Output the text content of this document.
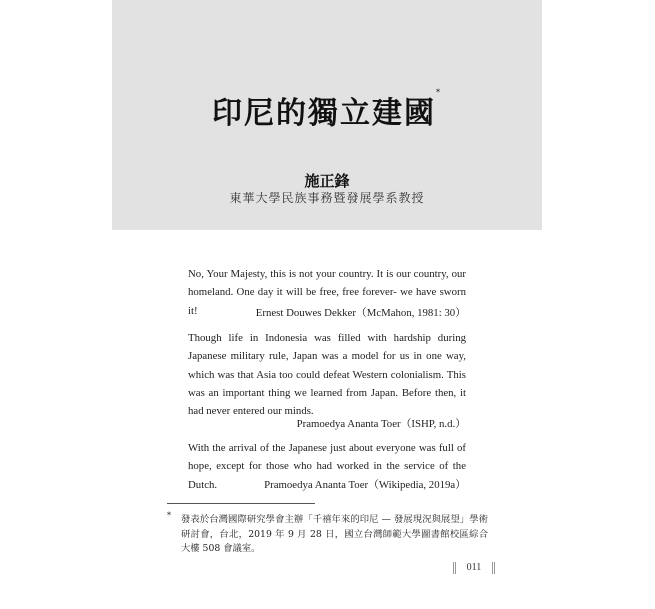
印尼的獨立建國*
施正鋒
東華大學民族事務暨發展學系教授
No, Your Majesty, this is not your country. It is our country, our homeland. One day it will be free, free forever- we have sworn it!	Ernest Douwes Dekker（McMahon, 1981: 30）
Though life in Indonesia was filled with hardship during Japanese military rule, Japan was a model for us in one way, which was that Asia too could defeat Western colonialism. This was an important thing we learned from Japan. Before then, it had never entered our minds.
Pramoedya Ananta Toer（ISHP, n.d.）
With the arrival of the Japanese just about everyone was full of hope, except for those who had worked in the service of the Dutch.	Pramoedya Ananta Toer（Wikipedia, 2019a）
* 發表於台灣國際研究學會主辦「千禧年來的印尼 — 發展現況與展望」學術研討會，台北，2019 年 9 月 28 日，國立台灣師範大學圖書館校區綜合大樓 508 會議室。
011
